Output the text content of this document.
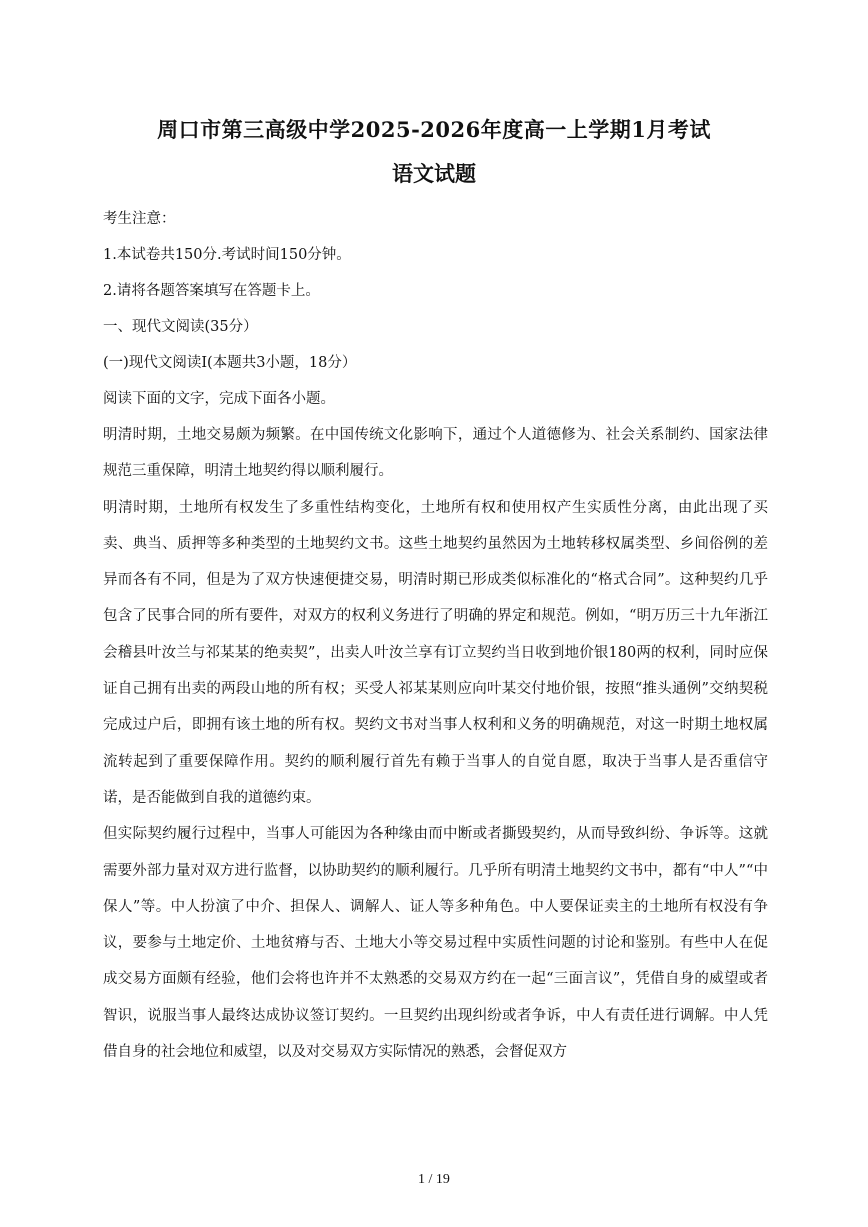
周口市第三高级中学2025-2026年度高一上学期1月考试
语文试题
考生注意：
1.本试卷共150分.考试时间150分钟。
2.请将各题答案填写在答题卡上。
一、现代文阅读(35分）
(一)现代文阅读I(本题共3小题，18分）
阅读下面的文字，完成下面各小题。

明清时期，土地交易颇为频繁。在中国传统文化影响下，通过个人道德修为、社会关系制约、国家法律规范三重保障，明清土地契约得以顺利履行。

明清时期，土地所有权发生了多重性结构变化，土地所有权和使用权产生实质性分离，由此出现了买卖、典当、质押等多种类型的土地契约文书。这些土地契约虽然因为土地转移权属类型、乡间俗例的差异而各有不同，但是为了双方快速便捷交易，明清时期已形成类似标准化的“格式合同”。这种契约几乎包含了民事合同的所有要件，对双方的权利义务进行了明确的界定和规范。例如，“明万历三十九年浙江会稽县叶汝兰与祁某某的绝卖契”，出卖人叶汝兰享有订立契约当日收到地价银180两的权利，同时应保证自己拥有出卖的两段山地的所有权；买受人祁某某则应向叶某交付地价银，按照“推头通例”交纳契税完成过户后，即拥有该土地的所有权。契约文书对当事人权利和义务的明确规范，对这一时期土地权属流转起到了重要保障作用。契约的顺利履行首先有赖于当事人的自觉自愿，取决于当事人是否重信守诺，是否能做到自我的道德约束。

但实际契约履行过程中，当事人可能因为各种缘由而中断或者撕毁契约，从而导致纠纷、争诉等。这就需要外部力量对双方进行监督，以协助契约的顺利履行。几乎所有明清土地契约文书中，都有“中人”“中保人”等。中人扮演了中介、担保人、调解人、证人等多种角色。中人要保证卖主的土地所有权没有争议，要参与土地定价、土地贫瘠与否、土地大小等交易过程中实质性问题的讨论和鉴别。有些中人在促成交易方面颇有经验，他们会将也许并不太熟悉的交易双方约在一起“三面言议”，凭借自身的威望或者智识，说服当事人最终达成协议签订契约。一旦契约出现纠纷或者争诉，中人有责任进行调解。中人凭借自身的社会地位和威望，以及对交易双方实际情况的熟悉，会督促双方

1 / 19
